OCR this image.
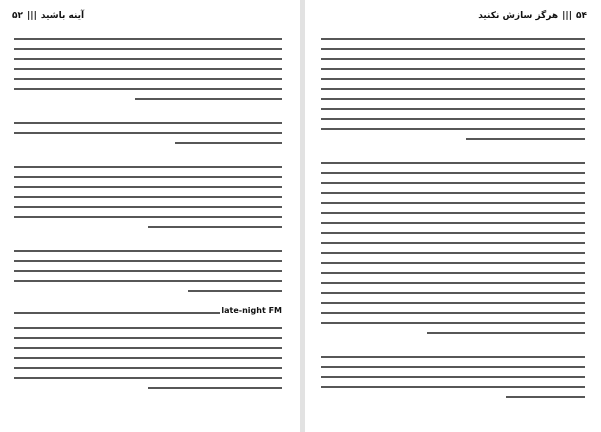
۵۴|||هرگز سازش نکنید
آینه باشید|||۵۲
late-night FM
